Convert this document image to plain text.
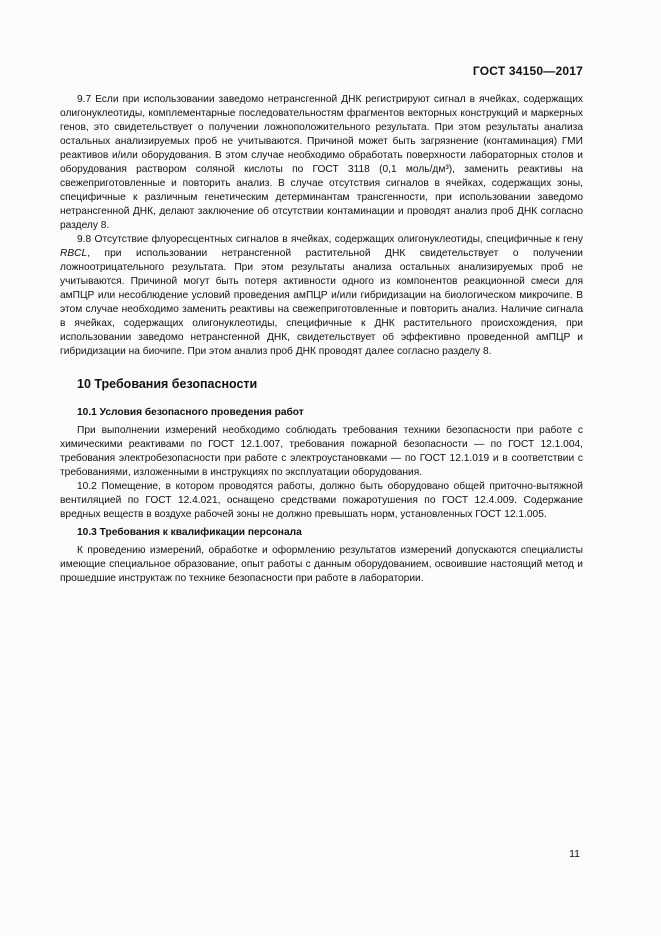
ГОСТ 34150—2017

9.7 Если при использовании заведомо нетрансгенной ДНК регистрируют сигнал в ячейках, содержащих олигонуклеотиды, комплементарные последовательностям фрагментов векторных конструкций и маркерных генов, это свидетельствует о получении ложноположительного результата. При этом результаты анализа остальных анализируемых проб не учитываются. Причиной может быть загрязнение (контаминация) ГМИ реактивов и/или оборудования. В этом случае необходимо обработать поверхности лабораторных столов и оборудования раствором соляной кислоты по ГОСТ 3118 (0,1 моль/дм³), заменить реактивы на свежеприготовленные и повторить анализ. В случае отсутствия сигналов в ячейках, содержащих зоны, специфичные к различным генетическим детерминантам трансгенности, при использовании заведомо нетрансгенной ДНК, делают заключение об отсутствии контаминации и проводят анализ проб ДНК согласно разделу 8.

9.8 Отсутствие флуоресцентных сигналов в ячейках, содержащих олигонуклеотиды, специфичные к гену RBCL, при использовании нетрансгенной растительной ДНК свидетельствует о получении ложноотрицательного результата. При этом результаты анализа остальных анализируемых проб не учитываются. Причиной могут быть потеря активности одного из компонентов реакционной смеси для амПЦР или несоблюдение условий проведения амПЦР и/или гибридизации на биологическом микрочипе. В этом случае необходимо заменить реактивы на свежеприготовленные и повторить анализ. Наличие сигнала в ячейках, содержащих олигонуклеотиды, специфичные к ДНК растительного происхождения, при использовании заведомо нетрансгенной ДНК, свидетельствует об эффективно проведенной амПЦР и гибридизации на биочипе. При этом анализ проб ДНК проводят далее согласно разделу 8.

10 Требования безопасности
10.1 Условия безопасного проведения работ

При выполнении измерений необходимо соблюдать требования техники безопасности при работе с химическими реактивами по ГОСТ 12.1.007, требования пожарной безопасности — по ГОСТ 12.1.004, требования электробезопасности при работе с электроустановками — по ГОСТ 12.1.019 и в соответствии с требованиями, изложенными в инструкциях по эксплуатации оборудования.

10.2 Помещение, в котором проводятся работы, должно быть оборудовано общей приточно-вытяжной вентиляцией по ГОСТ 12.4.021, оснащено средствами пожаротушения по ГОСТ 12.4.009. Содержание вредных веществ в воздухе рабочей зоны не должно превышать норм, установленных ГОСТ 12.1.005.

10.3 Требования к квалификации персонала

К проведению измерений, обработке и оформлению результатов измерений допускаются специалисты имеющие специальное образование, опыт работы с данным оборудованием, освоившие настоящий метод и прошедшие инструктаж по технике безопасности при работе в лаборатории.

11
